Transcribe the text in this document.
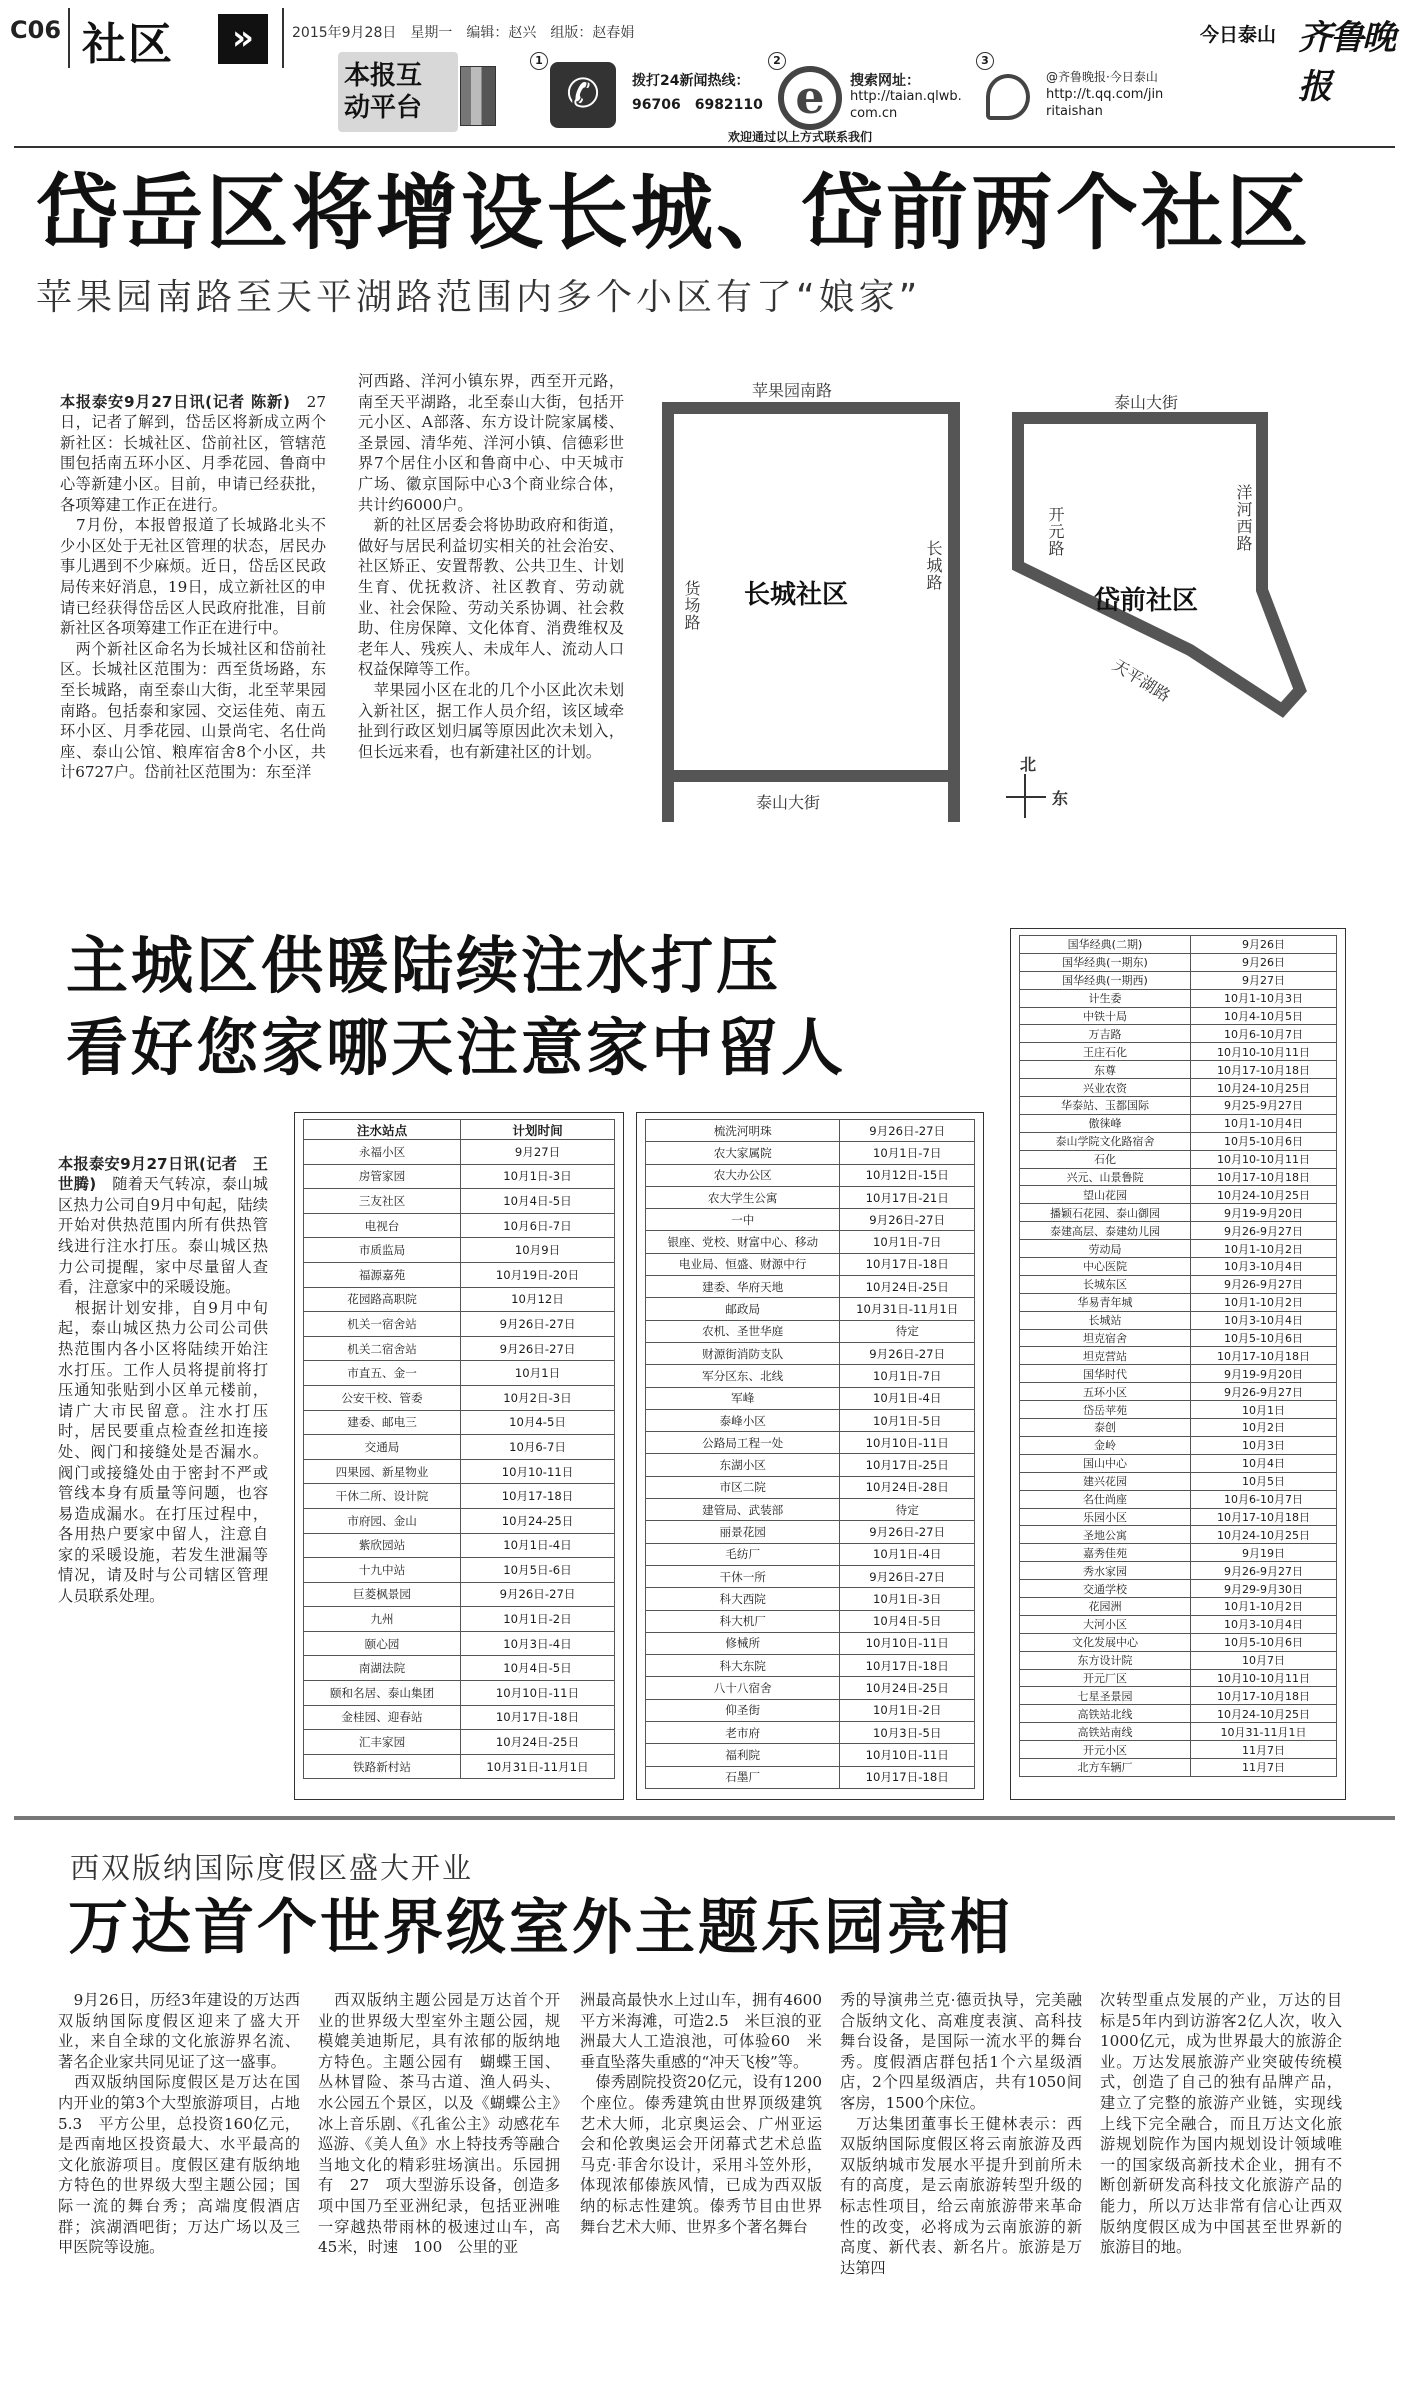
C06 社区	»	2015年9月28日　星期一　编辑：赵兴　组版：赵春娟	今日泰山 齐鲁晚报
本报互
动平台
1
✆	拨打24新闻热线：
96706　6982110
2
e	搜索网址：
http://taian.qlwb.com.cn
3
@齐鲁晚报·今日泰山
http://t.qq.com/jinritaishan
欢迎通过以上方式联系我们
岱岳区将增设长城、岱前两个社区
苹果园南路至天平湖路范围内多个小区有了“娘家”

本报泰安9月27日讯(记者 陈新)　27日，记者了解到，岱岳区将新成立两个新社区：长城社区、岱前社区，管辖范围包括南五环小区、月季花园、鲁商中心等新建小区。目前，申请已经获批，各项筹建工作正在进行。
　7月份，本报曾报道了长城路北头不少小区处于无社区管理的状态，居民办事儿遇到不少麻烦。近日，岱岳区民政局传来好消息，19日，成立新社区的申请已经获得岱岳区人民政府批准，目前新社区各项筹建工作正在进行中。
　两个新社区命名为长城社区和岱前社区。长城社区范围为：西至货场路，东至长城路，南至泰山大街，北至苹果园南路。包括泰和家园、交运佳苑、南五环小区、月季花园、山景尚宅、名仕尚座、泰山公馆、粮库宿舍8个小区，共计6727户。岱前社区范围为：东至洋

河西路、洋河小镇东界，西至开元路，南至天平湖路，北至泰山大街，包括开元小区、A部落、东方设计院家属楼、圣景园、清华苑、洋河小镇、信德彩世界7个居住小区和鲁商中心、中天城市广场、徽京国际中心3个商业综合体，共计约6000户。
　新的社区居委会将协助政府和街道，做好与居民利益切实相关的社会治安、社区矫正、安置帮教、公共卫生、计划生育、优抚救济、社区教育、劳动就业、社会保险、劳动关系协调、社会救助、住房保障、文化体育、消费维权及老年人、残疾人、未成年人、流动人口权益保障等工作。
　苹果园小区在北的几个小区此次未划入新社区，据工作人员介绍，该区域牵扯到行政区划归属等原因此次未划入，但长远来看，也有新建社区的计划。
苹果园南路
泰山大街
货场路
长城路
长城社区
泰山大街
开元路	洋河西路
岱前社区
天平湖路
北
东
主城区供暖陆续注水打压
看好您家哪天注意家中留人

本报泰安9月27日讯(记者　王世腾)　随着天气转凉，泰山城区热力公司自9月中旬起，陆续开始对供热范围内所有供热管线进行注水打压。泰山城区热力公司提醒，家中尽量留人查看，注意家中的采暖设施。
　根据计划安排，自9月中旬起，泰山城区热力公司公司供热范围内各小区将陆续开始注水打压。工作人员将提前将打压通知张贴到小区单元楼前，请广大市民留意。注水打压时，居民要重点检查丝扣连接处、阀门和接缝处是否漏水。阀门或接缝处由于密封不严或管线本身有质量等问题，也容易造成漏水。在打压过程中，各用热户要家中留人，注意自家的采暖设施，若发生泄漏等情况，请及时与公司辖区管理人员联系处理。

注水站点	计划时间
永福小区	9月27日
房管家园	10月1日-3日
三友社区	10月4日-5日
电视台	10月6日-7日
市质监局	10月9日
福源嘉苑	10月19日-20日
花园路高职院	10月12日
机关一宿舍站	9月26日-27日
机关二宿舍站	9月26日-27日
市直五、金一	10月1日
公安干校、管委	10月2日-3日
建委、邮电三	10月4-5日
交通局	10月6-7日
四果园、新星物业	10月10-11日
干休二所、设计院	10月17-18日
市府园、金山	10月24-25日
紫欣园站	10月1日-4日
十九中站	10月5日-6日
巨菱枫景园	9月26日-27日
九州	10月1日-2日
颐心园	10月3日-4日
南湖法院	10月4日-5日
颐和名居、泰山集团	10月10日-11日
金桂园、迎春站	10月17日-18日
汇丰家园	10月24日-25日
铁路新村站	10月31日-11月1日
梳洗河明珠	9月26日-27日
农大家属院	10月1日-7日
农大办公区	10月12日-15日
农大学生公寓	10月17日-21日
一中	9月26日-27日
银座、党校、财富中心、移动	10月1日-7日
电业局、恒盛、财源中行	10月17日-18日
建委、华府天地	10月24日-25日
邮政局	10月31日-11月1日
农机、圣世华庭	待定
财源街消防支队	9月26日-27日
军分区东、北线	10月1日-7日
军峰	10月1日-4日
泰峰小区	10月1日-5日
公路局工程一处	10月10日-11日
东湖小区	10月17日-25日
市区二院	10月24日-28日
建管局、武装部	待定
丽景花园	9月26日-27日
毛纺厂	10月1日-4日
干休一所	9月26日-27日
科大西院	10月1日-3日
科大机厂	10月4日-5日
修械所	10月10日-11日
科大东院	10月17日-18日
八十八宿舍	10月24日-25日
仰圣街	10月1日-2日
老市府	10月3日-5日
福利院	10月10日-11日
石墨厂	10月17日-18日
国华经典(二期)	9月26日
国华经典(一期东)	9月26日
国华经典(一期西)	9月27日
计生委	10月1-10月3日
中铁十局	10月4-10月5日
万吉路	10月6-10月7日
王庄石化	10月10-10月11日
东尊	10月17-10月18日
兴业农资	10月24-10月25日
华泰站、玉都国际	9月25-9月27日
傲徕峰	10月1-10月4日
泰山学院文化路宿舍	10月5-10月6日
石化	10月10-10月11日
兴元、山景鲁院	10月17-10月18日
望山花园	10月24-10月25日
播颖石花园、泰山御园	9月19-9月20日
泰建高层、泰建幼儿园	9月26-9月27日
劳动局	10月1-10月2日
中心医院	10月3-10月4日
长城东区	9月26-9月27日
华易青年城	10月1-10月2日
长城站	10月3-10月4日
坦克宿舍	10月5-10月6日
坦克营站	10月17-10月18日
国华时代	9月19-9月20日
五环小区	9月26-9月27日
岱岳苹苑	10月1日
泰创	10月2日
金岭	10月3日
国山中心	10月4日
建兴花园	10月5日
名仕尚座	10月6-10月7日
乐园小区	10月17-10月18日
圣地公寓	10月24-10月25日
嘉秀佳苑	9月19日
秀水家园	9月26-9月27日
交通学校	9月29-9月30日
花园洲	10月1-10月2日
大河小区	10月3-10月4日
文化发展中心	10月5-10月6日
东方设计院	10月7日
开元厂区	10月10-10月11日
七星圣景园	10月17-10月18日
高铁站北线	10月24-10月25日
高铁站南线	10月31-11月1日
开元小区	11月7日
北方车辆厂	11月7日
西双版纳国际度假区盛大开业
万达首个世界级室外主题乐园亮相
　9月26日，历经3年建设的万达西双版纳国际度假区迎来了盛大开业，来自全球的文化旅游界名流、著名企业家共同见证了这一盛事。
　西双版纳国际度假区是万达在国内开业的第3个大型旅游项目，占地5.3　平方公里，总投资160亿元，是西南地区投资最大、水平最高的文化旅游项目。度假区建有版纳地方特色的世界级大型主题公园；国际一流的舞台秀；高端度假酒店群；滨湖酒吧街；万达广场以及三甲医院等设施。
　西双版纳主题公园是万达首个开业的世界级大型室外主题公园，规模媲美迪斯尼，具有浓郁的版纳地方特色。主题公园有　蝴蝶王国、丛林冒险、茶马古道、渔人码头、水公园五个景区，以及《蝴蝶公主》冰上音乐剧、《孔雀公主》动感花车巡游、《美人鱼》水上特技秀等融合当地文化的精彩驻场演出。乐园拥有　27　项大型游乐设备，创造多项中国乃至亚洲纪录，包括亚洲唯一穿越热带雨林的极速过山车，高45米，时速　100　公里的亚
洲最高最快水上过山车，拥有4600　平方米海滩，可造2.5　米巨浪的亚洲最大人工造浪池，可体验60　米垂直坠落失重感的“冲天飞梭”等。
　傣秀剧院投资20亿元，设有1200　个座位。傣秀建筑由世界顶级建筑艺术大师，北京奥运会、广州亚运会和伦敦奥运会开闭幕式艺术总监马克·菲舍尔设计，采用斗笠外形，体现浓郁傣族风情，已成为西双版纳的标志性建筑。傣秀节目由世界舞台艺术大师、世界多个著名舞台
秀的导演弗兰克·德贡执导，完美融合版纳文化、高难度表演、高科技舞台设备，是国际一流水平的舞台秀。度假酒店群包括1个六星级酒店，2个四星级酒店，共有1050间客房，1500个床位。
　万达集团董事长王健林表示：西双版纳国际度假区将云南旅游及西双版纳城市发展水平提升到前所未有的高度，是云南旅游转型升级的标志性项目，给云南旅游带来革命性的改变，必将成为云南旅游的新高度、新代表、新名片。旅游是万达第四
次转型重点发展的产业，万达的目标是5年内到访游客2亿人次，收入1000亿元，成为世界最大的旅游企业。万达发展旅游产业突破传统模式，创造了自己的独有品牌产品，建立了完整的旅游产业链，实现线上线下完全融合，而且万达文化旅游规划院作为国内规划设计领域唯一的国家级高新技术企业，拥有不断创新研发高科技文化旅游产品的能力，所以万达非常有信心让西双版纳度假区成为中国甚至世界新的旅游目的地。
